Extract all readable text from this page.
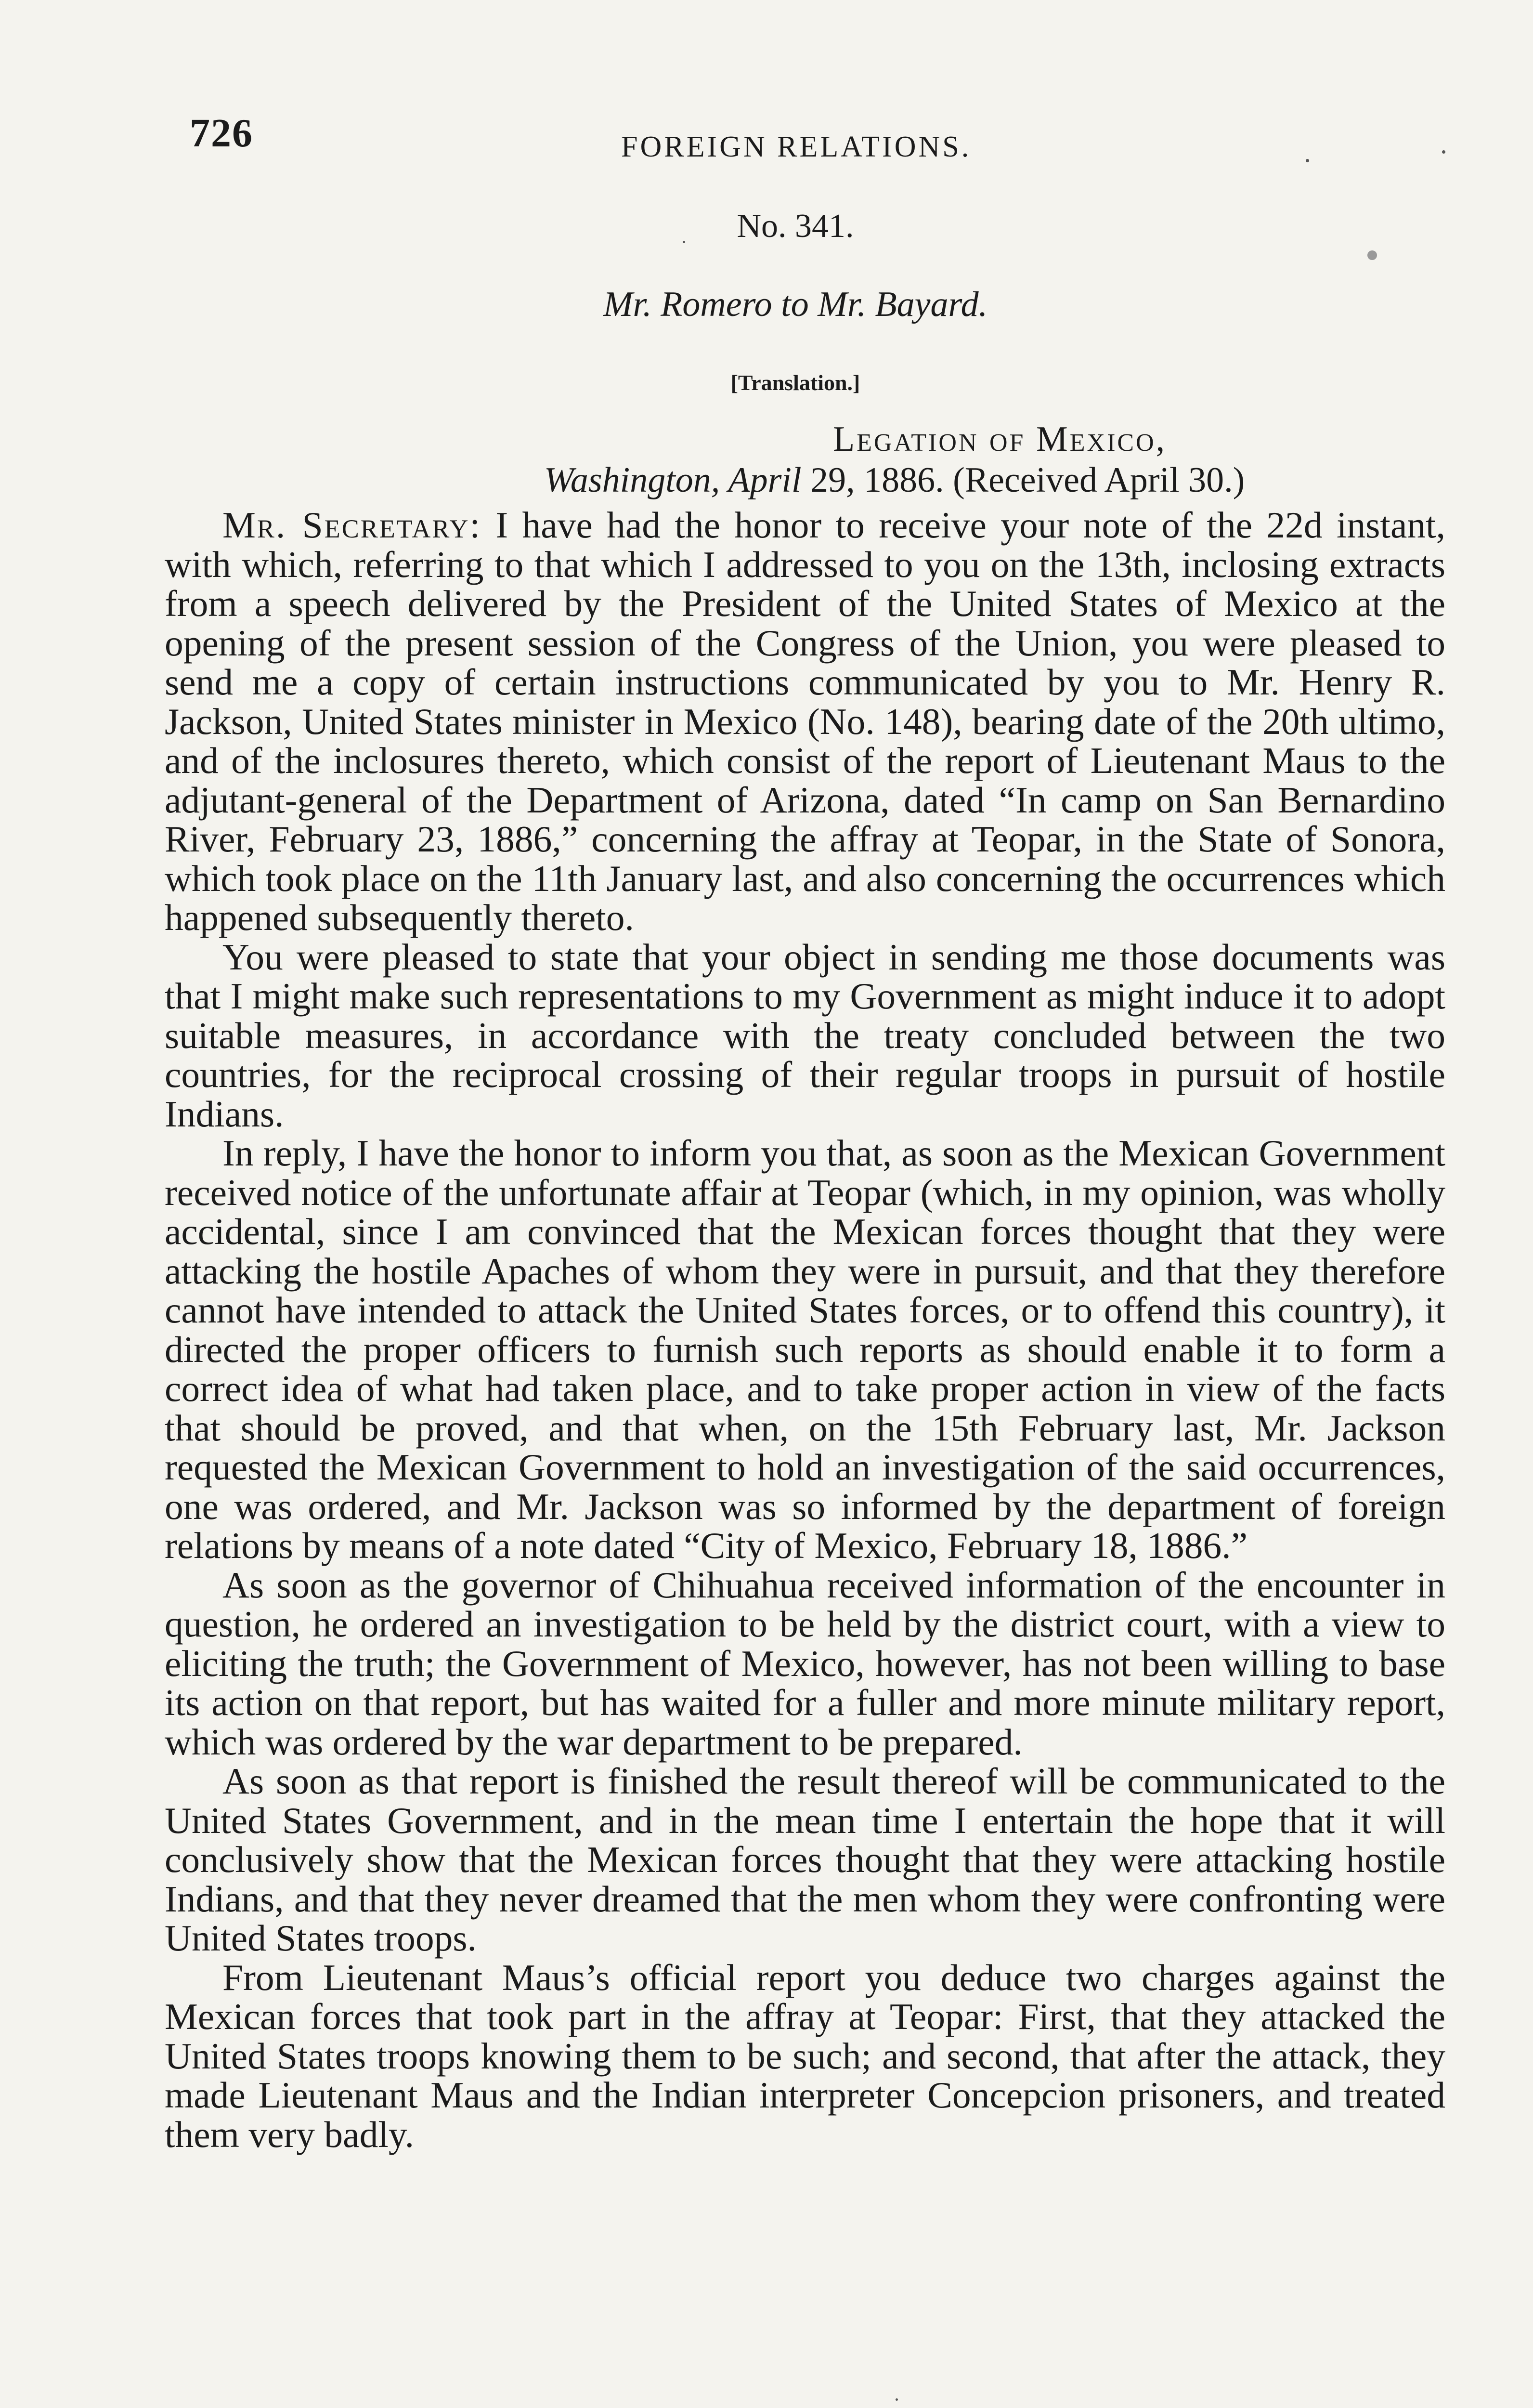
726	FOREIGN RELATIONS.
No. 341.
Mr. Romero to Mr. Bayard.
[Translation.]
Legation of Mexico,
Washington, April 29, 1886. (Received April 30.)

Mr. Secretary: I have had the honor to receive your note of the 22d instant, with which, referring to that which I addressed to you on the 13th, inclosing extracts from a speech delivered by the President of the United States of Mexico at the opening of the present session of the Congress of the Union, you were pleased to send me a copy of certain instructions communicated by you to Mr. Henry R. Jackson, United States minister in Mexico (No. 148), bearing date of the 20th ultimo, and of the inclosures thereto, which consist of the report of Lieutenant Maus to the adjutant-general of the Department of Arizona, dated “In camp on San Bernardino River, February 23, 1886,” concerning the affray at Teopar, in the State of Sonora, which took place on the 11th January last, and also concerning the occurrences which happened subsequently thereto.

You were pleased to state that your object in sending me those documents was that I might make such representations to my Government as might induce it to adopt suitable measures, in accordance with the treaty concluded between the two countries, for the reciprocal crossing of their regular troops in pursuit of hostile Indians.

In reply, I have the honor to inform you that, as soon as the Mexican Government received notice of the unfortunate affair at Teopar (which, in my opinion, was wholly accidental, since I am convinced that the Mexican forces thought that they were attacking the hostile Apaches of whom they were in pursuit, and that they therefore cannot have intended to attack the United States forces, or to offend this country), it directed the proper officers to furnish such reports as should enable it to form a correct idea of what had taken place, and to take proper action in view of the facts that should be proved, and that when, on the 15th February last, Mr. Jackson requested the Mexican Government to hold an investigation of the said occurrences, one was ordered, and Mr. Jackson was so informed by the department of foreign relations by means of a note dated “City of Mexico, February 18, 1886.”

As soon as the governor of Chihuahua received information of the encounter in question, he ordered an investigation to be held by the district court, with a view to eliciting the truth; the Government of Mexico, however, has not been willing to base its action on that report, but has waited for a fuller and more minute military report, which was ordered by the war department to be prepared.

As soon as that report is finished the result thereof will be communicated to the United States Government, and in the mean time I entertain the hope that it will conclusively show that the Mexican forces thought that they were attacking hostile Indians, and that they never dreamed that the men whom they were confronting were United States troops.

From Lieutenant Maus’s official report you deduce two charges against the Mexican forces that took part in the affray at Teopar: First, that they attacked the United States troops knowing them to be such; and second, that after the attack, they made Lieutenant Maus and the Indian interpreter Concepcion prisoners, and treated them very badly.
